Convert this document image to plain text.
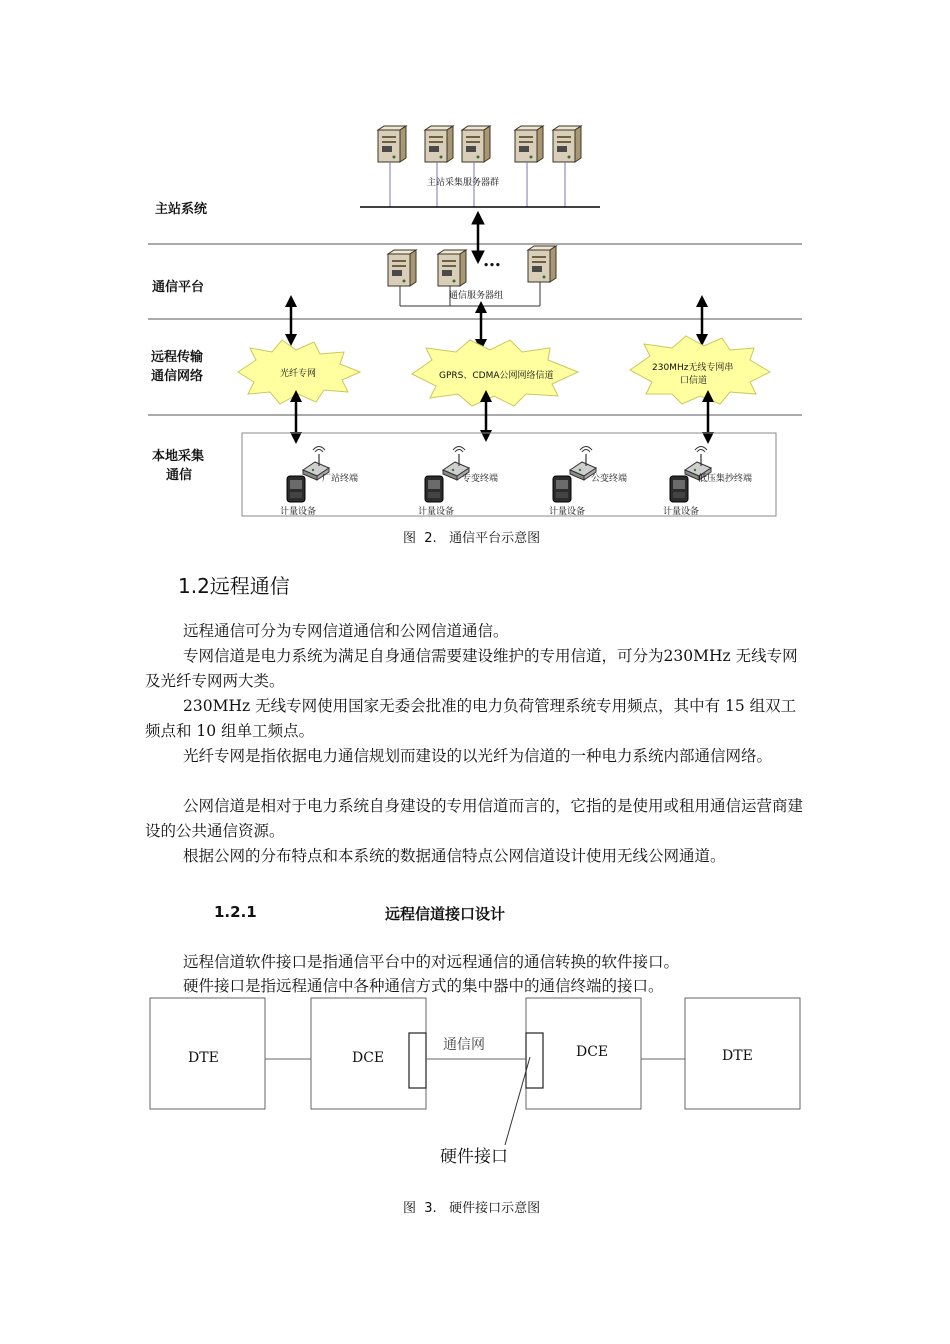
主站系统
通信平台
远程传输
通信网络
本地采集
通信
主站采集服务器群
…
通信服务器组
光纤专网	GPRS、CDMA公网网络信道
230MHz无线专网串
口信道
厂站终端	专变终端	公变终端	低压集抄终端
计量设备	计量设备	计量设备	计量设备
图  2.   通信平台示意图
1.2远程通信
远程通信可分为专网信道通信和公网信道通信。
专网信道是电力系统为满足自身通信需要建设维护的专用信道，可分为230MHz 无线专网及光纤专网两大类。
230MHz 无线专网使用国家无委会批准的电力负荷管理系统专用频点，其中有 15 组双工频点和 10 组单工频点。
光纤专网是指依据电力通信规划而建设的以光纤为信道的一种电力系统内部通信网络。
公网信道是相对于电力系统自身建设的专用信道而言的，它指的是使用或租用通信运营商建设的公共通信资源。
根据公网的分布特点和本系统的数据通信特点公网信道设计使用无线公网通道。
1.2.1	远程信道接口设计
远程信道软件接口是指通信平台中的对远程通信的通信转换的软件接口。
硬件接口是指远程通信中各种通信方式的集中器中的通信终端的接口。
DTE	DCE	DCE	DTE
通信网
硬件接口
图  3.   硬件接口示意图
